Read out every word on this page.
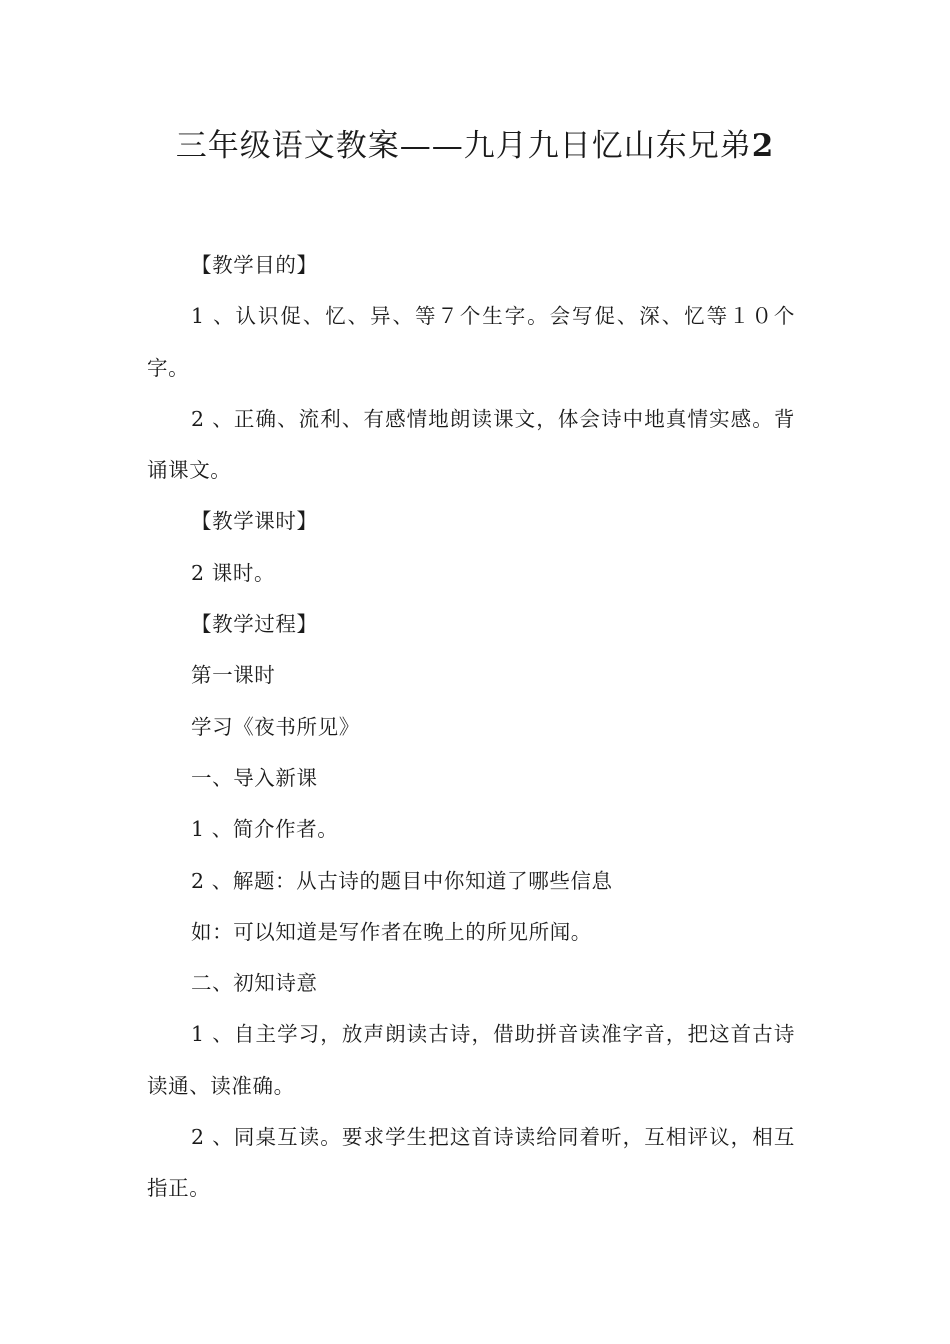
三年级语文教案——九月九日忆山东兄弟2

【教学目的】

1 、认识促、忆、异、等７个生字。会写促、深、忆等１０个字。

2 、正确、流利、有感情地朗读课文，体会诗中地真情实感。背诵课文。

【教学课时】

2 课时。

【教学过程】

第一课时

学习《夜书所见》

一、导入新课

1 、简介作者。

2 、解题：从古诗的题目中你知道了哪些信息

如：可以知道是写作者在晚上的所见所闻。

二、初知诗意

1 、自主学习，放声朗读古诗，借助拼音读准字音，把这首古诗读通、读准确。

2 、同桌互读。要求学生把这首诗读给同着听，互相评议，相互指正。
